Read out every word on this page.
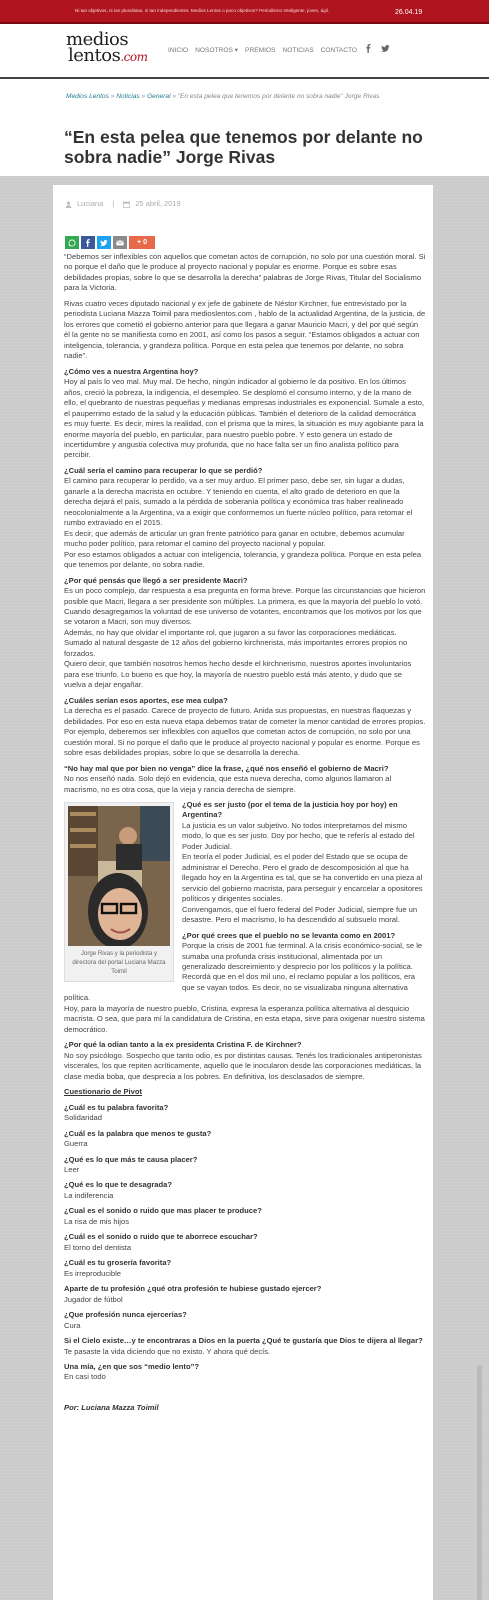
Ni tan objetivos, ni tan pluralistas, ni tan independientes. Medios Lentos o poco objetivos? Periodismo Inteligente, joven, ágil.	26.04.19
medios
lentos.com	INICIO NOSOTROS ▾ PREMIOS NOTICIAS CONTACTO
Medios Lentos » Noticias » General » “En esta pelea que tenemos por delante no sobra nadie” Jorge Rivas
“En esta pelea que tenemos por delante no sobra nadie” Jorge Rivas
Luciana |	25 abril, 2019
+ 0

“Debemos ser inflexibles con aquellos que cometan actos de corrupción, no solo por una cuestión moral. Si no porque el daño que le produce al proyecto nacional y popular es enorme. Porque es sobre esas debilidades propias, sobre lo que se desarrolla la derecha” palabras de Jorge Rivas, Titular del Socialismo para la Victoria.

Rivas cuatro veces diputado nacional y ex jefe de gabinete de Néstor Kirchner, fue entrevistado por la periodista Luciana Mazza Toimil para medioslentos.com , hablo de la actualidad Argentina, de la justicia, de los errores que cometió el gobierno anterior para que llegara a ganar Mauricio Macri, y del por qué según él la gente no se manifiesta como en 2001, así como los pasos a seguir. “Estamos obligados a actuar con inteligencia, tolerancia, y grandeza política. Porque en esta pelea que tenemos por delante, no sobra nadie”.

¿Cómo ves a nuestra Argentina hoy?

Hoy al país lo veo mal. Muy mal. De hecho, ningún indicador al gobierno le da positivo. En los últimos años, creció la pobreza, la indigencia, el desempleo. Se desplomó el consumo interno, y de la mano de ello, el quebranto de nuestras pequeñas y medianas empresas industriales es exponencial. Sumale a esto, el pauperrimo estado de la salud y la educación públicas. También el deterioro de la calidad democrática es muy fuerte. Es decir, mires la realidad, con el prisma que la mires, la situación es muy agobiante para la enorme mayoría del pueblo, en particular, para nuestro pueblo pobre. Y esto genera un estado de incertidumbre y angustia colectiva muy profunda, que no hace falta ser un fino analista político para percibir.

¿Cuál sería el camino para recuperar lo que se perdió?
El camino para recuperar lo perdido, va a ser muy arduo. El primer paso, debe ser, sin lugar a dudas, ganarle a la derecha macrista en octubre. Y teniendo en cuenta, el alto grado de deterioro en que la derecha dejará el país, sumado a la pérdida de soberanía política y económica tras haber realineado neocolonialmente a la Argentina, va a exigir que conformemos un fuerte núcleo político, para retomar el rumbo extraviado en el 2015.
Es decir, que además de articular un gran frente patriótico para ganar en octubre, debemos acumular mucho poder político, para retomar el camino del proyecto nacional y popular.

Por eso estamos obligados a actuar con inteligencia, tolerancia, y grandeza política. Porque en esta pelea que tenemos por delante, no sobra nadie.

¿Por qué pensás que llegó a ser presidente Macri?
Es un poco complejo, dar respuesta a esa pregunta en forma breve. Porque las circunstancias que hicieron posible que Macri, llegara a ser presidente son múltiples. La primera, es que la mayoría del pueblo lo votó. Cuando desagregamos la voluntad de ese universo de votantes, encontramos que los motivos por los que se votaron a Macri, son muy diversos.
Además, no hay que olvidar el importante rol, que jugaron a su favor las corporaciones mediáticas. Sumado al natural desgaste de 12 años del gobierno kirchnerista, más importantes errores propios no forzados.

Quiero decir, que también nosotros hemos hecho desde el kirchnerismo, nuestros aportes involuntarios para ese triunfo. Lo bueno es que hoy, la mayoría de nuestro pueblo está más atento, y dudo que se vuelva a dejar engañar.

¿Cuáles serían esos aportes, ese mea culpa?

La derecha es el pasado. Carece de proyecto de futuro. Anida sus propuestas, en nuestras flaquezas y debilidades. Por eso en esta nueva etapa debemos tratar de cometer la menor cantidad de errores propios. Por ejemplo, deberemos ser inflexibles con aquellos que cometan actos de corrupción, no solo por una cuestión moral. Si no porque el daño que le produce al proyecto nacional y popular es enorme. Porque es sobre esas debilidades propias, sobre lo que se desarrolla la derecha.

“No hay mal que por bien no venga” dice la frase, ¿qué nos enseñó el gobierno de Macri?

No nos enseñó nada. Solo dejó en evidencia, que esta nueva derecha, como algunos llamaron al macrismo, no es otra cosa, que la vieja y rancia derecha de siempre.

Jorge Rivas y la periodista y directora del portal Luciana Mazza Toimil
¿Qué es ser justo (por el tema de la justicia hoy por hoy) en Argentina?
La justicia es un valor subjetivo. No todos interpretamos del mismo modo, lo que es ser justo. Doy por hecho, que te referís al estado del Poder Judicial.
En teoría el poder Judicial, es el poder del Estado que se ocupa de administrar el Derecho. Pero el grado de descomposición al que ha llegado hoy en la Argentina es tal, que se ha convertido en una pieza al servicio del gobierno macrista, para perseguir y encarcelar a opositores políticos y dirigentes sociales.

Convengamos, que el fuero federal del Poder Judicial, siempre fue un desastre. Pero el macrismo, lo ha descendido al subsuelo moral.

¿Por qué crees que el pueblo no se levanta como en 2001?
Porque la crisis de 2001 fue terminal. A la crisis económico-social, se le sumaba una profunda crisis institucional, alimentada por un generalizado descreimiento y desprecio por los políticos y la política.
Recordá que en el dos mil uno, el reclamo popular a los políticos, era que se vayan todos. Es decir, no se visualizaba ninguna alternativa política.

Hoy, para la mayoría de nuestro pueblo, Cristina, expresa la esperanza política alternativa al desquicio macrista. O sea, que para mí la candidatura de Cristina, en esta etapa, sirve para oxigenar nuestro sistema democrático.

¿Por qué la odian tanto a la ex presidenta Cristina F. de Kirchner?

No soy psicólogo. Sospecho que tanto odio, es por distintas causas. Tenés los tradicionales antiperonistas viscerales, los que repiten acríticamente, aquello que le inocularon desde las corporaciones mediáticas, la clase media boba, que desprecia a los pobres. En definitiva, los desclasados de siempre.

Cuestionario de Pivot

¿Cuál es tu palabra favorita?
Solidaridad

¿Cuál es la palabra que menos te gusta?
Guerra

¿Qué es lo que más te causa placer?
Leer

¿Qué es lo que te desagrada?
La indiferencia

¿Cual es el sonido o ruido que mas placer te produce?
La risa de mis hijos

¿Cuál es el sonido o ruido que te aborrece escuchar?
El torno del dentista

¿Cuál es tu grosería favorita?
Es irreproducible

Aparte de tu profesión ¿qué otra profesión te hubiese gustado ejercer?
Jugador de fútbol

¿Que profesión nunca ejercerías?
Cura

Si el Cielo existe…y te encontraras a Dios en la puerta ¿Qué te gustaría que Dios te dijera al llegar?
Te pasaste la vida diciendo que no existo. Y ahora qué decís.

Una mía, ¿en que sos “medio lento”?
En casi todo

Por: Luciana Mazza Toimil
